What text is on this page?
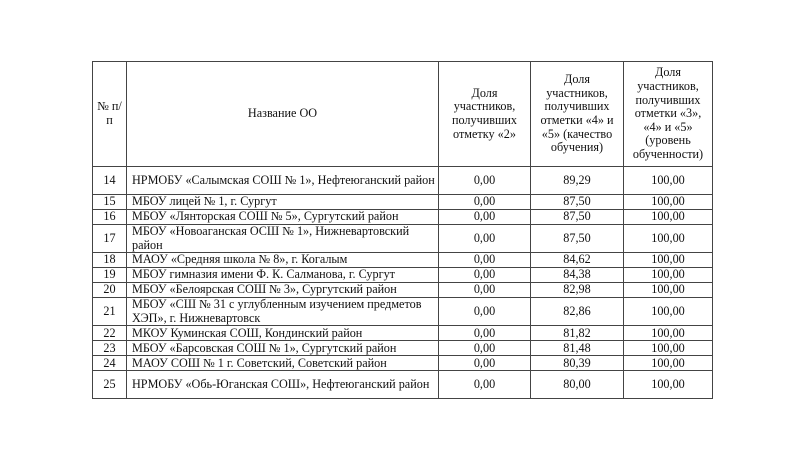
№ п/п	Название ОО	Доля участников, получивших отметку «2»	Доля участников, получивших отметки «4» и «5» (качество обучения)	Доля участников, получивших отметки «3», «4» и «5» (уровень обученности)
14	НРМОБУ «Салымская СОШ № 1», Нефтеюганский район	0,00	89,29	100,00
15	МБОУ лицей № 1, г. Сургут	0,00	87,50	100,00
16	МБОУ «Лянторская СОШ № 5», Сургутский район	0,00	87,50	100,00
17	МБОУ «Новоаганская ОСШ № 1», Нижневартовский район	0,00	87,50	100,00
18	МАОУ «Средняя школа № 8», г. Когалым	0,00	84,62	100,00
19	МБОУ гимназия имени Ф. К. Салманова, г. Сургут	0,00	84,38	100,00
20	МБОУ «Белоярская СОШ № 3», Сургутский район	0,00	82,98	100,00
21	МБОУ «СШ № 31 с углубленным изучением предметов ХЭП», г. Нижневартовск	0,00	82,86	100,00
22	МКОУ Куминская СОШ, Кондинский район	0,00	81,82	100,00
23	МБОУ «Барсовская СОШ № 1», Сургутский район	0,00	81,48	100,00
24	МАОУ СОШ № 1 г. Советский, Советский район	0,00	80,39	100,00
25	НРМОБУ «Обь-Юганская СОШ», Нефтеюганский район	0,00	80,00	100,00
